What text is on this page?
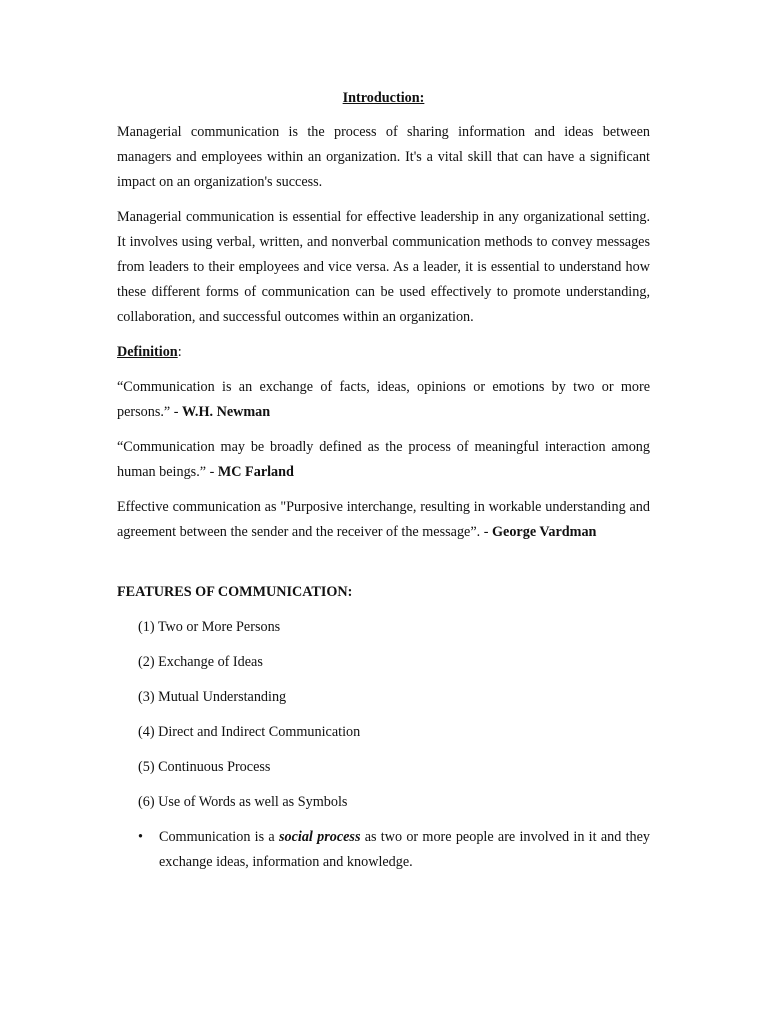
Introduction:

Managerial communication is the process of sharing information and ideas between managers and employees within an organization. It's a vital skill that can have a significant impact on an organization's success.

Managerial communication is essential for effective leadership in any organizational setting. It involves using verbal, written, and nonverbal communication methods to convey messages from leaders to their employees and vice versa. As a leader, it is essential to understand how these different forms of communication can be used effectively to promote understanding, collaboration, and successful outcomes within an organization.

Definition:

“Communication is an exchange of facts, ideas, opinions or emotions by two or more persons.” - W.H. Newman

“Communication may be broadly defined as the process of meaningful interaction among human beings.” - MC Farland

Effective communication as "Purposive interchange, resulting in workable understanding and agreement between the sender and the receiver of the message”. - George Vardman

FEATURES OF COMMUNICATION:

(1) Two or More Persons
(2) Exchange of Ideas
(3) Mutual Understanding
(4) Direct and Indirect Communication
(5) Continuous Process
(6) Use of Words as well as Symbols
• Communication is a social process as two or more people are involved in it and they exchange ideas, information and knowledge.
